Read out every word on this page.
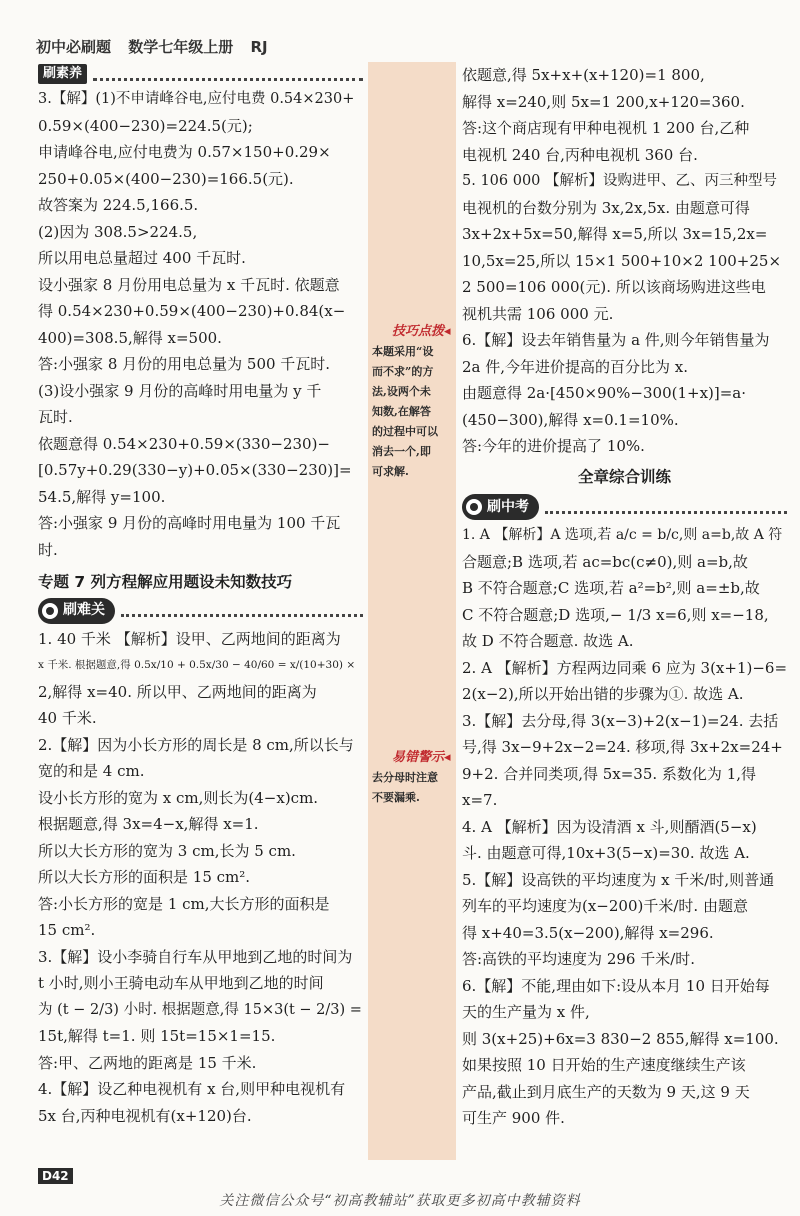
初中必刷题 数学七年级上册 RJ
技巧点拨◂

本题采用“设

而不求”的方

法,设两个未

知数,在解答

的过程中可以

消去一个,即

可求解.

易错警示◂

去分母时注意

不要漏乘.

刷素养

3.【解】(1)不申请峰谷电,应付电费 0.54×230+

0.59×(400−230)=224.5(元);

申请峰谷电,应付电费为 0.57×150+0.29×

250+0.05×(400−230)=166.5(元).

故答案为 224.5,166.5.

(2)因为 308.5>224.5,

所以用电总量超过 400 千瓦时.

设小强家 8 月份用电总量为 x 千瓦时. 依题意

得 0.54×230+0.59×(400−230)+0.84(x−

400)=308.5,解得 x=500.

答:小强家 8 月份的用电总量为 500 千瓦时.

(3)设小强家 9 月份的高峰时用电量为 y 千

瓦时.

依题意得 0.54×230+0.59×(330−230)−

[0.57y+0.29(330−y)+0.05×(330−230)]=

54.5,解得 y=100.

答:小强家 9 月份的高峰时用电量为 100 千瓦

时.

专题 7 列方程解应用题设未知数技巧

刷难关

1. 40 千米 【解析】设甲、乙两地间的距离为

x 千米. 根据题意,得 0.5x/10 + 0.5x/30 − 40/60 = x/(10+30) ×

2,解得 x=40. 所以甲、乙两地间的距离为

40 千米.

2.【解】因为小长方形的周长是 8 cm,所以长与

宽的和是 4 cm.

设小长方形的宽为 x cm,则长为(4−x)cm.

根据题意,得 3x=4−x,解得 x=1.

所以大长方形的宽为 3 cm,长为 5 cm.

所以大长方形的面积是 15 cm².

答:小长方形的宽是 1 cm,大长方形的面积是

15 cm².

3.【解】设小李骑自行车从甲地到乙地的时间为

t 小时,则小王骑电动车从甲地到乙地的时间

为 (t − 2/3) 小时. 根据题意,得 15×3(t − 2/3) =

15t,解得 t=1. 则 15t=15×1=15.

答:甲、乙两地的距离是 15 千米.

4.【解】设乙种电视机有 x 台,则甲种电视机有

5x 台,丙种电视机有(x+120)台.

依题意,得 5x+x+(x+120)=1 800,

解得 x=240,则 5x=1 200,x+120=360.

答:这个商店现有甲种电视机 1 200 台,乙种

电视机 240 台,丙种电视机 360 台.

5. 106 000 【解析】设购进甲、乙、丙三种型号

电视机的台数分别为 3x,2x,5x. 由题意可得

3x+2x+5x=50,解得 x=5,所以 3x=15,2x=

10,5x=25,所以 15×1 500+10×2 100+25×

2 500=106 000(元). 所以该商场购进这些电

视机共需 106 000 元.

6.【解】设去年销售量为 a 件,则今年销售量为

2a 件,今年进价提高的百分比为 x.

由题意得 2a·[450×90%−300(1+x)]=a·

(450−300),解得 x=0.1=10%.

答:今年的进价提高了 10%.

全章综合训练

刷中考

1. A 【解析】A 选项,若 a/c = b/c,则 a=b,故 A 符

合题意;B 选项,若 ac=bc(c≠0),则 a=b,故

B 不符合题意;C 选项,若 a²=b²,则 a=±b,故

C 不符合题意;D 选项,− 1/3 x=6,则 x=−18,

故 D 不符合题意. 故选 A.

2. A 【解析】方程两边同乘 6 应为 3(x+1)−6=

2(x−2),所以开始出错的步骤为①. 故选 A.

3.【解】去分母,得 3(x−3)+2(x−1)=24. 去括

号,得 3x−9+2x−2=24. 移项,得 3x+2x=24+

9+2. 合并同类项,得 5x=35. 系数化为 1,得

x=7.

4. A 【解析】因为设清酒 x 斗,则醑酒(5−x)

斗. 由题意可得,10x+3(5−x)=30. 故选 A.

5.【解】设高铁的平均速度为 x 千米/时,则普通

列车的平均速度为(x−200)千米/时. 由题意

得 x+40=3.5(x−200),解得 x=296.

答:高铁的平均速度为 296 千米/时.

6.【解】不能,理由如下:设从本月 10 日开始每

天的生产量为 x 件,

则 3(x+25)+6x=3 830−2 855,解得 x=100.

如果按照 10 日开始的生产速度继续生产该

产品,截止到月底生产的天数为 9 天,这 9 天

可生产 900 件.

D42
关注微信公众号“初高教辅站”获取更多初高中教辅资料
